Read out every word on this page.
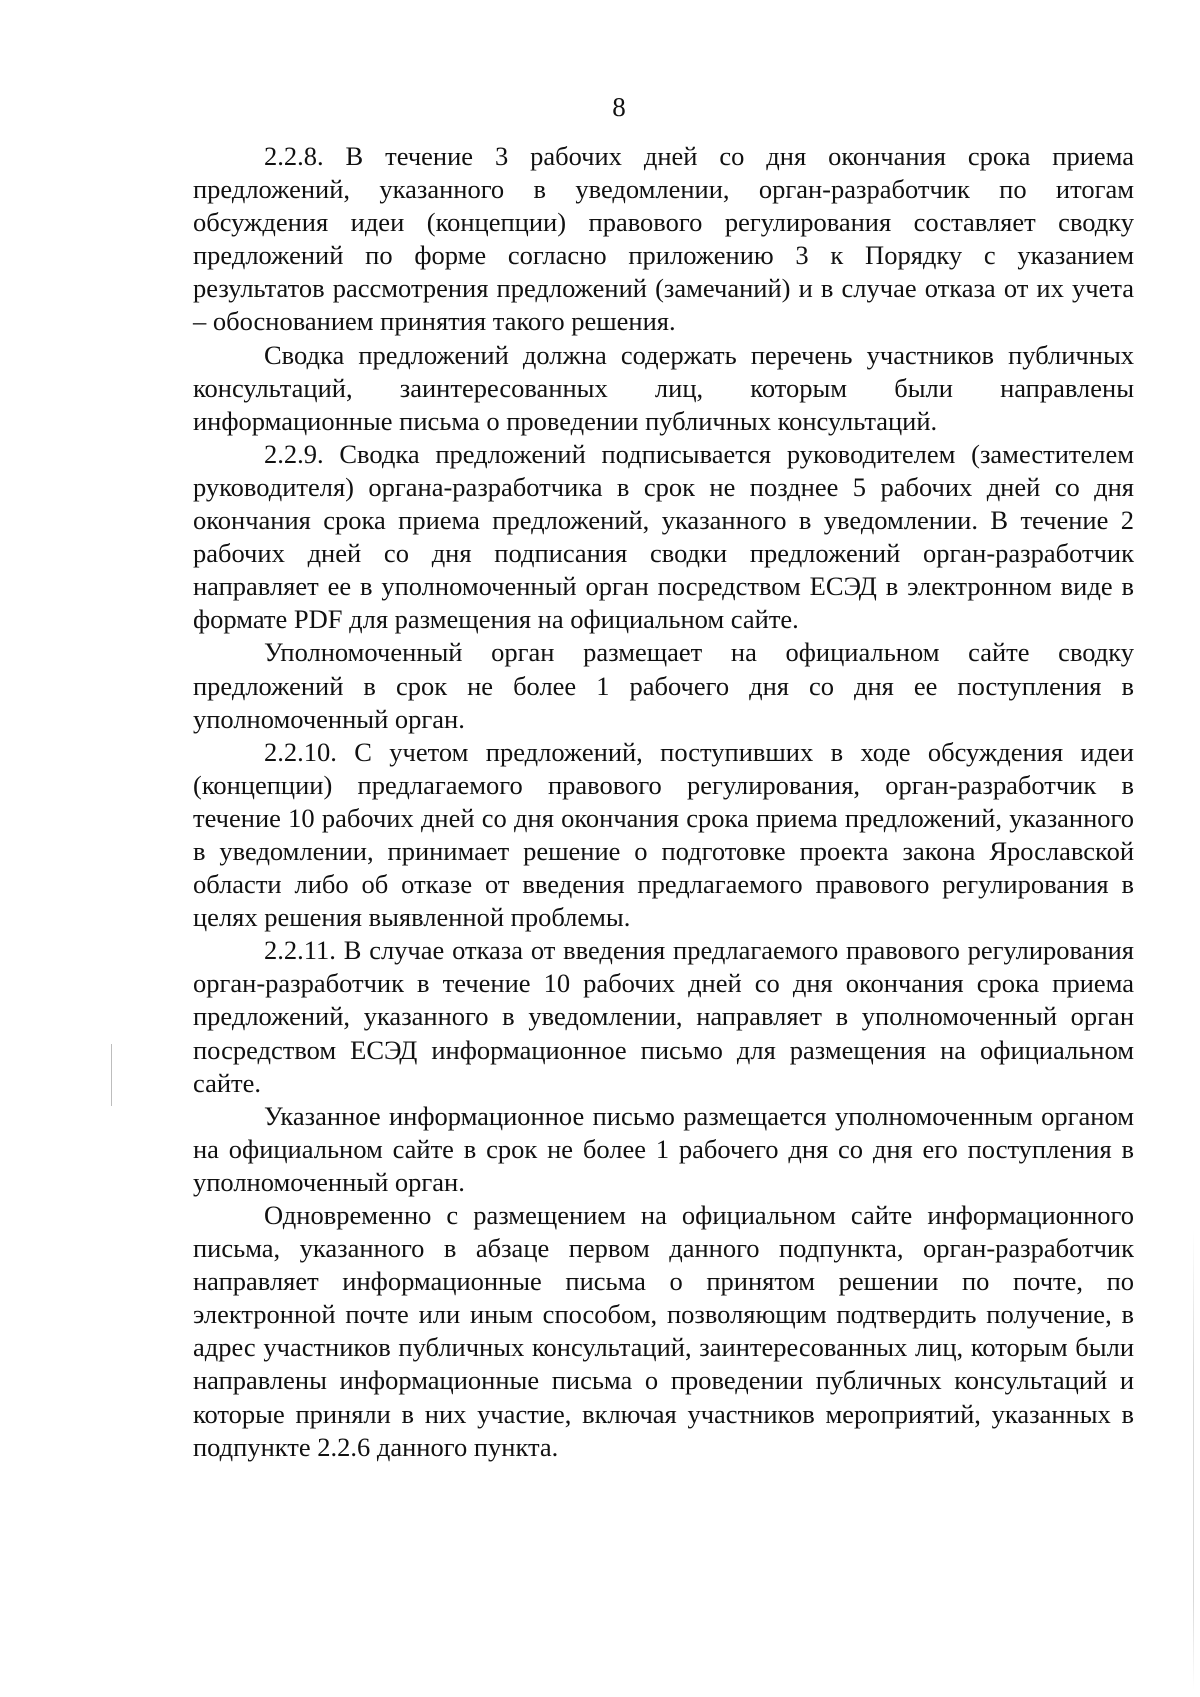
8

2.2.8. В течение 3 рабочих дней со дня окончания срока приема предложений, указанного в уведомлении, орган-разработчик по итогам обсуждения идеи (концепции) правового регулирования составляет сводку предложений по форме согласно приложению 3 к Порядку с указанием результатов рассмотрения предложений (замечаний) и в случае отказа от их учета – обоснованием принятия такого решения.

Сводка предложений должна содержать перечень участников публичных консультаций, заинтересованных лиц, которым были направлены информационные письма о проведении публичных консультаций.

2.2.9. Сводка предложений подписывается руководителем (заместителем руководителя) органа-разработчика в срок не позднее 5 рабочих дней со дня окончания срока приема предложений, указанного в уведомлении. В течение 2 рабочих дней со дня подписания сводки предложений орган-разработчик направляет ее в уполномоченный орган посредством ЕСЭД в электронном виде в формате PDF для размещения на официальном сайте.

Уполномоченный орган размещает на официальном сайте сводку предложений в срок не более 1 рабочего дня со дня ее поступления в уполномоченный орган.

2.2.10. С учетом предложений, поступивших в ходе обсуждения идеи (концепции) предлагаемого правового регулирования, орган-разработчик в течение 10 рабочих дней со дня окончания срока приема предложений, указанного в уведомлении, принимает решение о подготовке проекта закона Ярославской области либо об отказе от введения предлагаемого правового регулирования в целях решения выявленной проблемы.

2.2.11. В случае отказа от введения предлагаемого правового регулирования орган-разработчик в течение 10 рабочих дней со дня окончания срока приема предложений, указанного в уведомлении, направляет в уполномоченный орган посредством ЕСЭД информационное письмо для размещения на официальном сайте.

Указанное информационное письмо размещается уполномоченным органом на официальном сайте в срок не более 1 рабочего дня со дня его поступления в уполномоченный орган.

Одновременно с размещением на официальном сайте информационного письма, указанного в абзаце первом данного подпункта, орган-разработчик направляет информационные письма о принятом решении по почте, по электронной почте или иным способом, позволяющим подтвердить получение, в адрес участников публичных консультаций, заинтересованных лиц, которым были направлены информационные письма о проведении публичных консультаций и которые приняли в них участие, включая участников мероприятий, указанных в подпункте 2.2.6 данного пункта.
